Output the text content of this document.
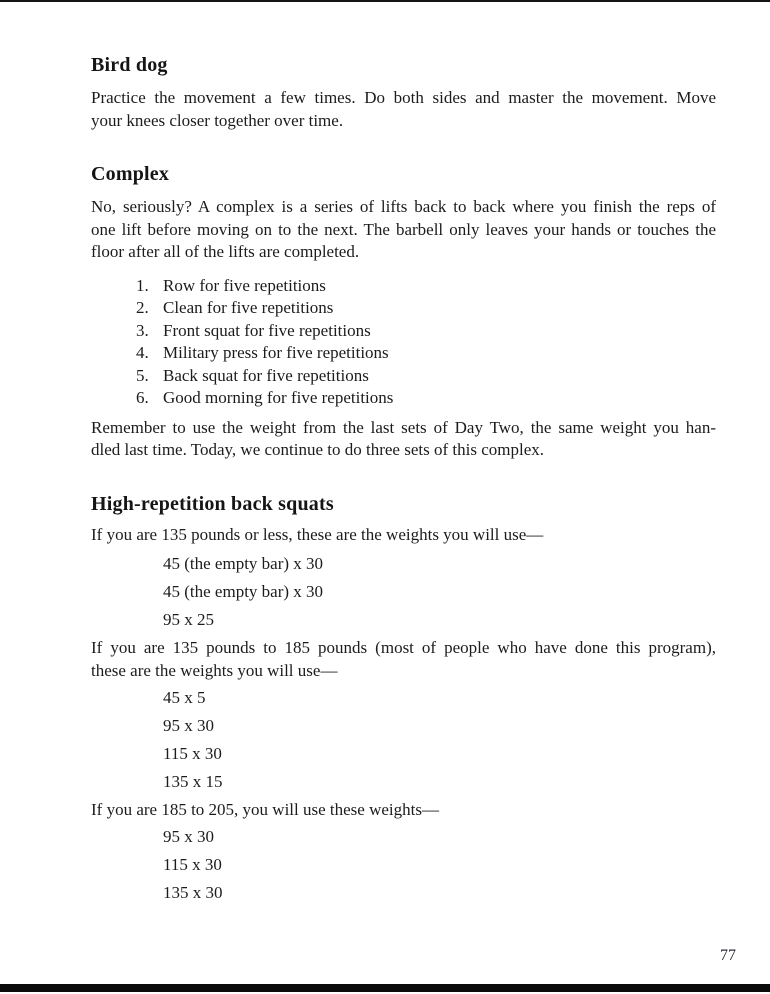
Bird dog
Practice the movement a few times. Do both sides and master the movement. Move
your knees closer together over time.
Complex
No, seriously? A complex is a series of lifts back to back where you finish the reps of
one lift before moving on to the next. The barbell only leaves your hands or touches the
floor after all of the lifts are completed.
1. Row for five repetitions
2. Clean for five repetitions
3. Front squat for five repetitions
4. Military press for five repetitions
5. Back squat for five repetitions
6. Good morning for five repetitions
Remember to use the weight from the last sets of Day Two, the same weight you han-
dled last time. Today, we continue to do three sets of this complex.
High-repetition back squats
If you are 135 pounds or less, these are the weights you will use—
45 (the empty bar) x 30
45 (the empty bar) x 30
95 x 25
If you are 135 pounds to 185 pounds (most of people who have done this program),
these are the weights you will use—
45 x 5
95 x 30
115 x 30
135 x 15
If you are 185 to 205, you will use these weights—
95 x 30
115 x 30
135 x 30
77
